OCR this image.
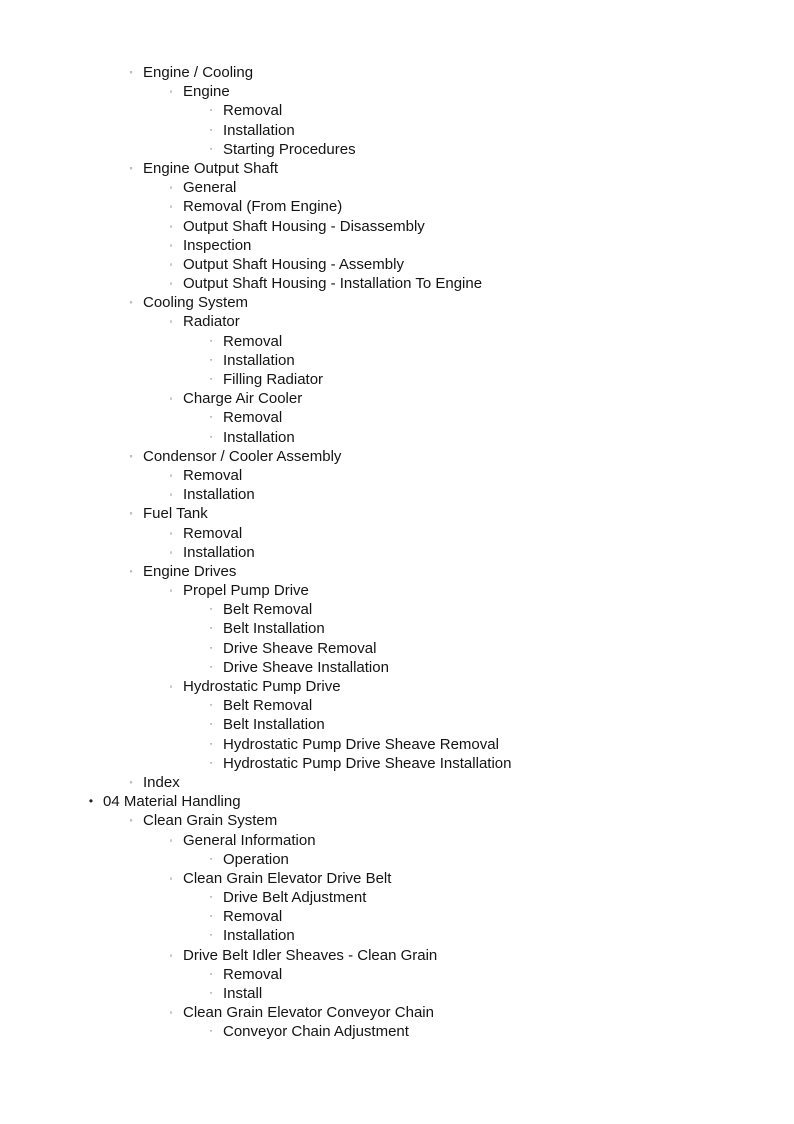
◦ Engine / Cooling
◦ Engine
◦ Removal
◦ Installation
◦ Starting Procedures
◦ Engine Output Shaft
◦ General
◦ Removal (From Engine)
◦ Output Shaft Housing - Disassembly
◦ Inspection
◦ Output Shaft Housing - Assembly
◦ Output Shaft Housing - Installation To Engine
◦ Cooling System
◦ Radiator
◦ Removal
◦ Installation
◦ Filling Radiator
◦ Charge Air Cooler
◦ Removal
◦ Installation
◦ Condensor / Cooler Assembly
◦ Removal
◦ Installation
◦ Fuel Tank
◦ Removal
◦ Installation
◦ Engine Drives
◦ Propel Pump Drive
◦ Belt Removal
◦ Belt Installation
◦ Drive Sheave Removal
◦ Drive Sheave Installation
◦ Hydrostatic Pump Drive
◦ Belt Removal
◦ Belt Installation
◦ Hydrostatic Pump Drive Sheave Removal
◦ Hydrostatic Pump Drive Sheave Installation
◦ Index
• 04 Material Handling
◦ Clean Grain System
◦ General Information
◦ Operation
◦ Clean Grain Elevator Drive Belt
◦ Drive Belt Adjustment
◦ Removal
◦ Installation
◦ Drive Belt Idler Sheaves - Clean Grain
◦ Removal
◦ Install
◦ Clean Grain Elevator Conveyor Chain
◦ Conveyor Chain Adjustment
